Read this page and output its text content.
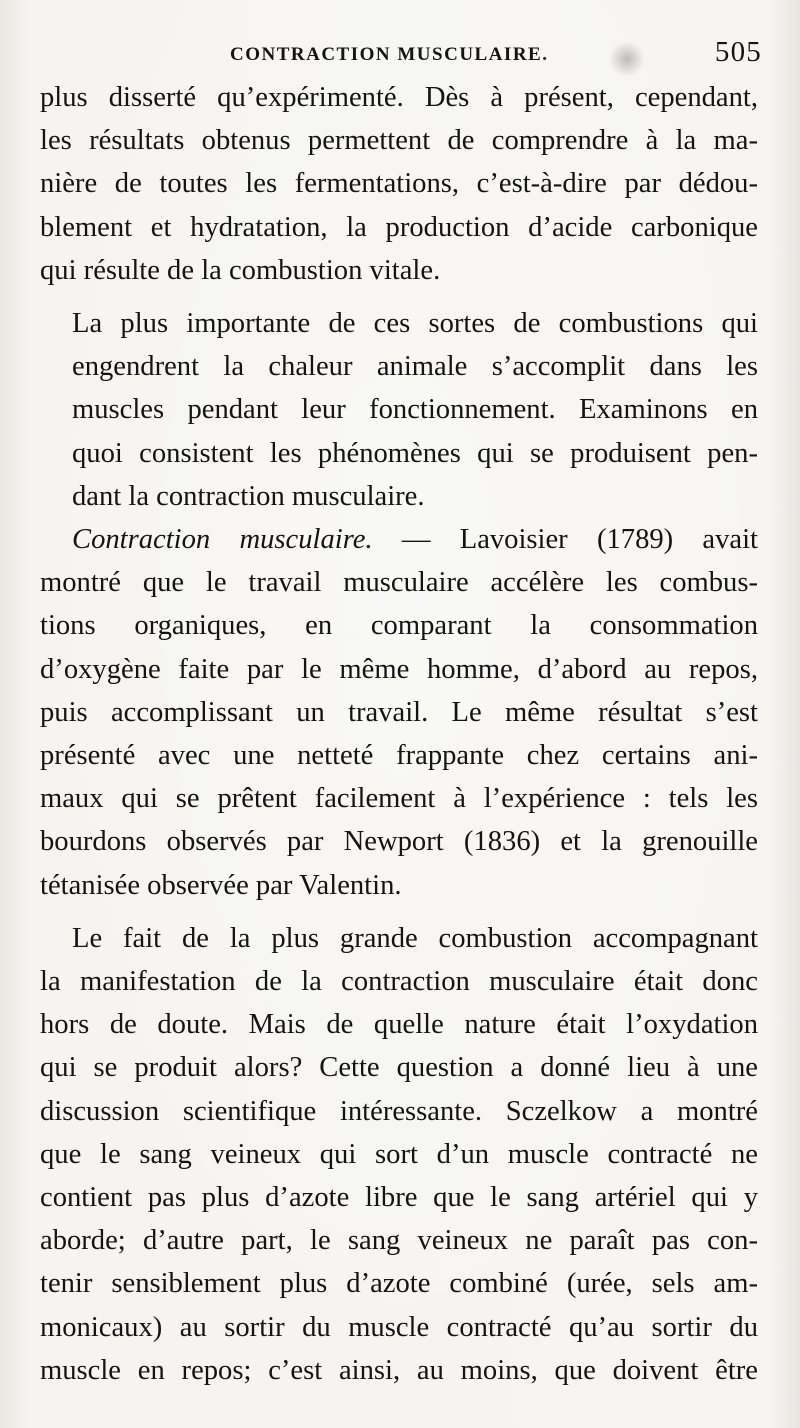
CONTRACTION MUSCULAIRE.	505

plus disserté qu’expérimenté. Dès à présent, cependant,
les résultats obtenus permettent de comprendre à la ma-
nière de toutes les fermentations, c’est-à-dire par dédou-
blement et hydratation, la production d’acide carbonique
qui résulte de la combustion vitale.

La plus importante de ces sortes de combustions qui
engendrent la chaleur animale s’accomplit dans les
muscles pendant leur fonctionnement. Examinons en
quoi consistent les phénomènes qui se produisent pen-
dant la contraction musculaire.

Contraction musculaire. — Lavoisier (1789) avait
montré que le travail musculaire accélère les combus-
tions organiques, en comparant la consommation
d’oxygène faite par le même homme, d’abord au repos,
puis accomplissant un travail. Le même résultat s’est
présenté avec une netteté frappante chez certains ani-
maux qui se prêtent facilement à l’expérience : tels les
bourdons observés par Newport (1836) et la grenouille
tétanisée observée par Valentin.

Le fait de la plus grande combustion accompagnant
la manifestation de la contraction musculaire était donc
hors de doute. Mais de quelle nature était l’oxydation
qui se produit alors? Cette question a donné lieu à une
discussion scientifique intéressante. Sczelkow a montré
que le sang veineux qui sort d’un muscle contracté ne
contient pas plus d’azote libre que le sang artériel qui y
aborde; d’autre part, le sang veineux ne paraît pas con-
tenir sensiblement plus d’azote combiné (urée, sels am-
monicaux) au sortir du muscle contracté qu’au sortir du
muscle en repos; c’est ainsi, au moins, que doivent être
